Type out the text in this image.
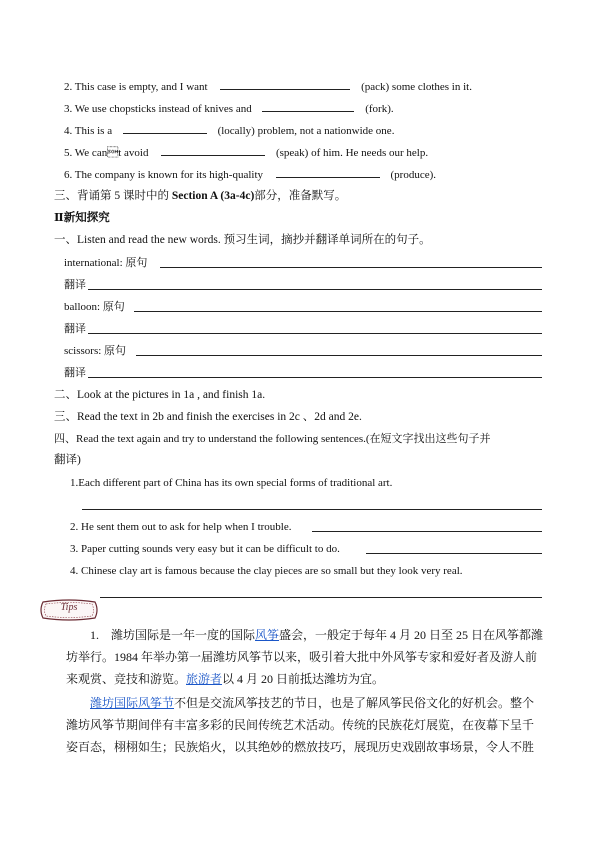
2. This case is empty, and I want	(pack) some clothes in it.
3. We use chopsticks instead of knives and	(fork).
4. This is a	(locally) problem, not a nationwide one.
5. We cant avoid	(speak) of him. He needs our help.
6. The company is known for its high-quality	(produce).
三、背诵第 5 课时中的 Section A (3a-4c)部分，准备默写。
Ⅱ新知探究
一、Listen and read the new words. 预习生词，摘抄并翻译单词所在的句子。
international: 原句
翻译
balloon: 原句
翻译
scissors: 原句
翻译
二、Look at the pictures in 1a , and finish 1a.
三、Read the text in 2b and finish the exercises in 2c 、2d and 2e.
四、Read the text again and try to understand the following sentences.(在短文字找出这些句子并
翻译)
1.Each different part of China has its own special forms of traditional art.
2. He sent them out to ask for help when I trouble.
3. Paper cutting sounds very easy but it can be difficult to do.
4. Chinese clay art is famous because the clay pieces are so small but they look very real.
Tips
1. 潍坊国际是一年一度的国际风筝盛会，一般定于每年 4 月 20 日至 25 日在风筝都潍
坊举行。1984 年举办第一届潍坊风筝节以来，吸引着大批中外风筝专家和爱好者及游人前
来观赏、竞技和游览。旅游者以 4 月 20 日前抵达潍坊为宜。
潍坊国际风筝节不但是交流风筝技艺的节日，也是了解风筝民俗文化的好机会。整个
潍坊风筝节期间伴有丰富多彩的民间传统艺术活动。传统的民族花灯展览，在夜幕下呈千
姿百态，栩栩如生；民族焰火，以其绝妙的燃放技巧，展现历史戏剧故事场景，令人不胜
